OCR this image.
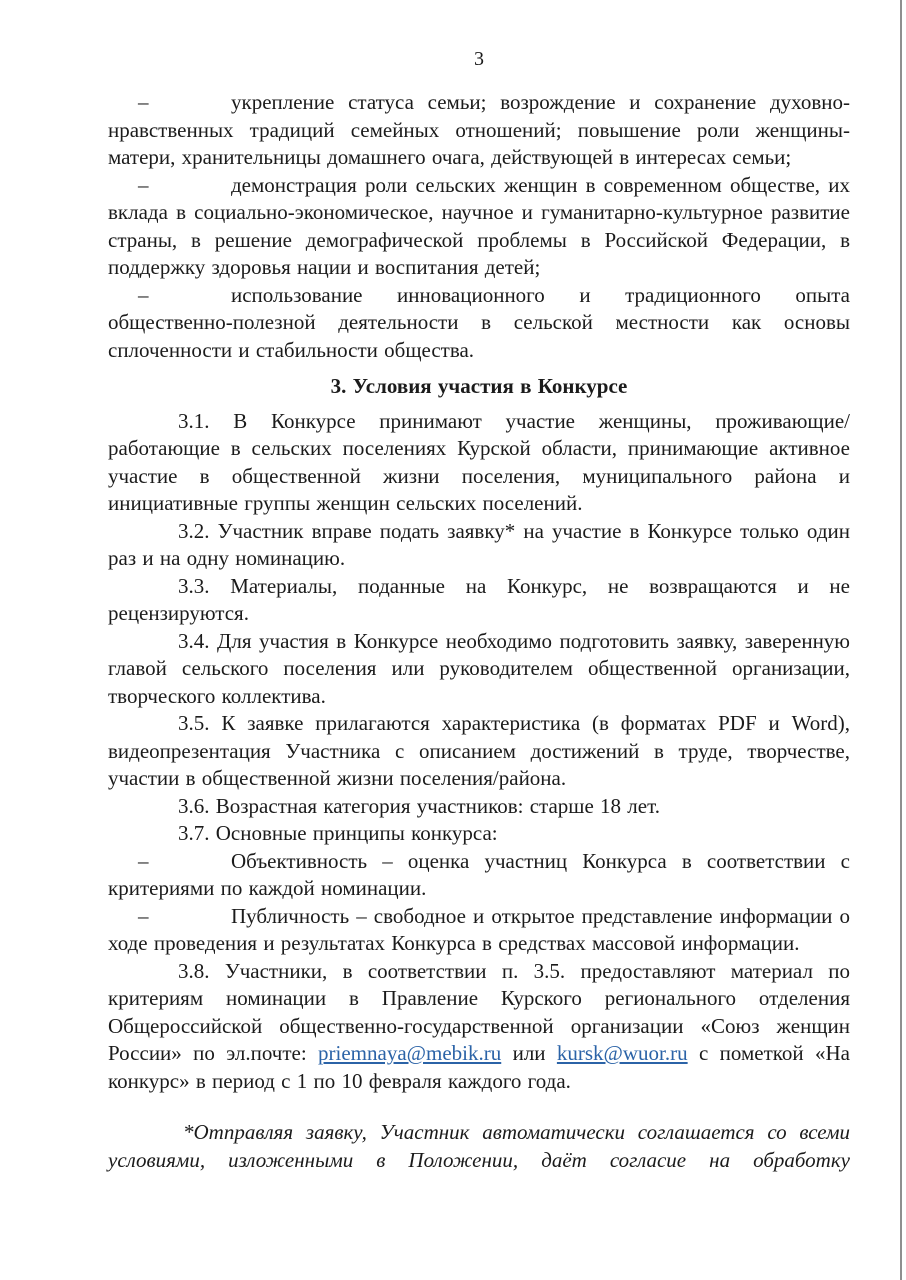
3

–	укрепление статуса семьи; возрождение и сохранение духовно-нравственных традиций семейных отношений; повышение роли женщины-матери, хранительницы домашнего очага, действующей в интересах семьи;

–	демонстрация роли сельских женщин в современном обществе, их вклада в социально-экономическое, научное и гуманитарно-культурное развитие страны, в решение демографической проблемы в Российской Федерации, в поддержку здоровья нации и воспитания детей;

–	использование инновационного и традиционного опыта общественно-полезной деятельности в сельской местности как основы сплоченности и стабильности общества.

3. Условия участия в Конкурсе

3.1. В Конкурсе принимают участие женщины, проживающие/работающие в сельских поселениях Курской области, принимающие активное участие в общественной жизни поселения, муниципального района и инициативные группы женщин сельских поселений.

3.2. Участник вправе подать заявку* на участие в Конкурсе только один раз и на одну номинацию.

3.3. Материалы, поданные на Конкурс, не возвращаются и не рецензируются.

3.4. Для участия в Конкурсе необходимо подготовить заявку, заверенную главой сельского поселения или руководителем общественной организации, творческого коллектива.

3.5. К заявке прилагаются характеристика (в форматах PDF и Word), видеопрезентация Участника с описанием достижений в труде, творчестве, участии в общественной жизни поселения/района.

3.6. Возрастная категория участников: старше 18 лет.

3.7. Основные принципы конкурса:

–	Объективность – оценка участниц Конкурса в соответствии с критериями по каждой номинации.

–	Публичность – свободное и открытое представление информации о ходе проведения и результатах Конкурса в средствах массовой информации.

3.8. Участники, в соответствии п. 3.5. предоставляют материал по критериям номинации в Правление Курского регионального отделения Общероссийской общественно-государственной организации «Союз женщин России» по эл.почте: priemnaya@mebik.ru или kursk@wuor.ru с пометкой «На конкурс» в период с 1 по 10 февраля каждого года.

*Отправляя заявку, Участник автоматически соглашается со всеми условиями, изложенными в Положении, даёт согласие на обработку
